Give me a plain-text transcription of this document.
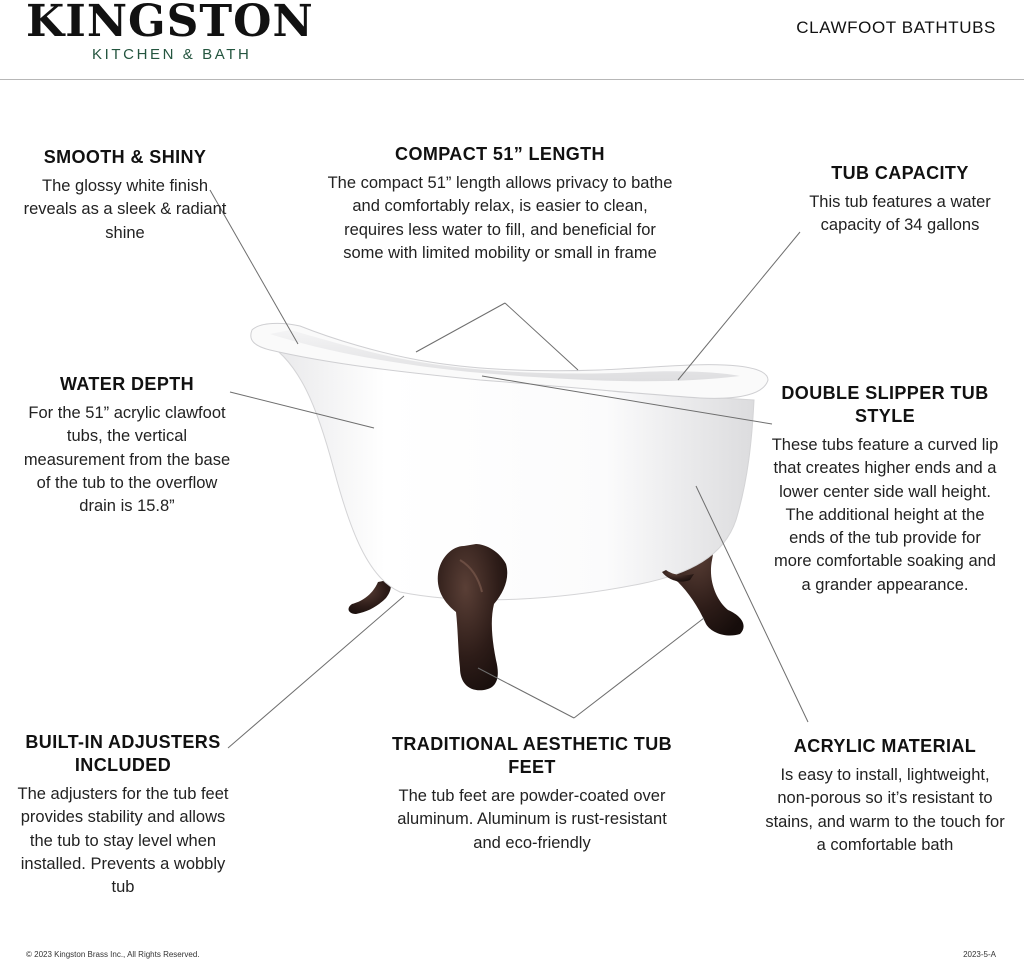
KINGSTON
KITCHEN & BATH
CLAWFOOT BATHTUBS
SMOOTH & SHINY

The glossy white finish reveals as a sleek & radiant shine

COMPACT 51” LENGTH

The compact 51” length allows privacy to bathe and comfortably relax, is easier to clean, requires less water to fill, and beneficial for some with limited mobility or small in frame

TUB CAPACITY

This tub features a water capacity of 34 gallons

WATER DEPTH

For the 51” acrylic clawfoot tubs, the vertical measurement from the base of the tub to the overflow drain is 15.8”

DOUBLE SLIPPER TUB STYLE

These tubs feature a curved lip that creates higher ends and a lower center side wall height. The additional height at the ends of the tub provide for more comfortable soaking and a grander appearance.

BUILT-IN ADJUSTERS INCLUDED

The adjusters for the tub feet provides stability and allows the tub to stay level when installed. Prevents a wobbly tub

TRADITIONAL AESTHETIC TUB FEET

The tub feet are powder-coated over aluminum. Aluminum is rust-resistant and eco-friendly

ACRYLIC MATERIAL

Is easy to install, lightweight, non-porous so it’s resistant to stains, and warm to the touch for a comfortable bath

© 2023 Kingston Brass Inc., All Rights Reserved.	2023-5-A
